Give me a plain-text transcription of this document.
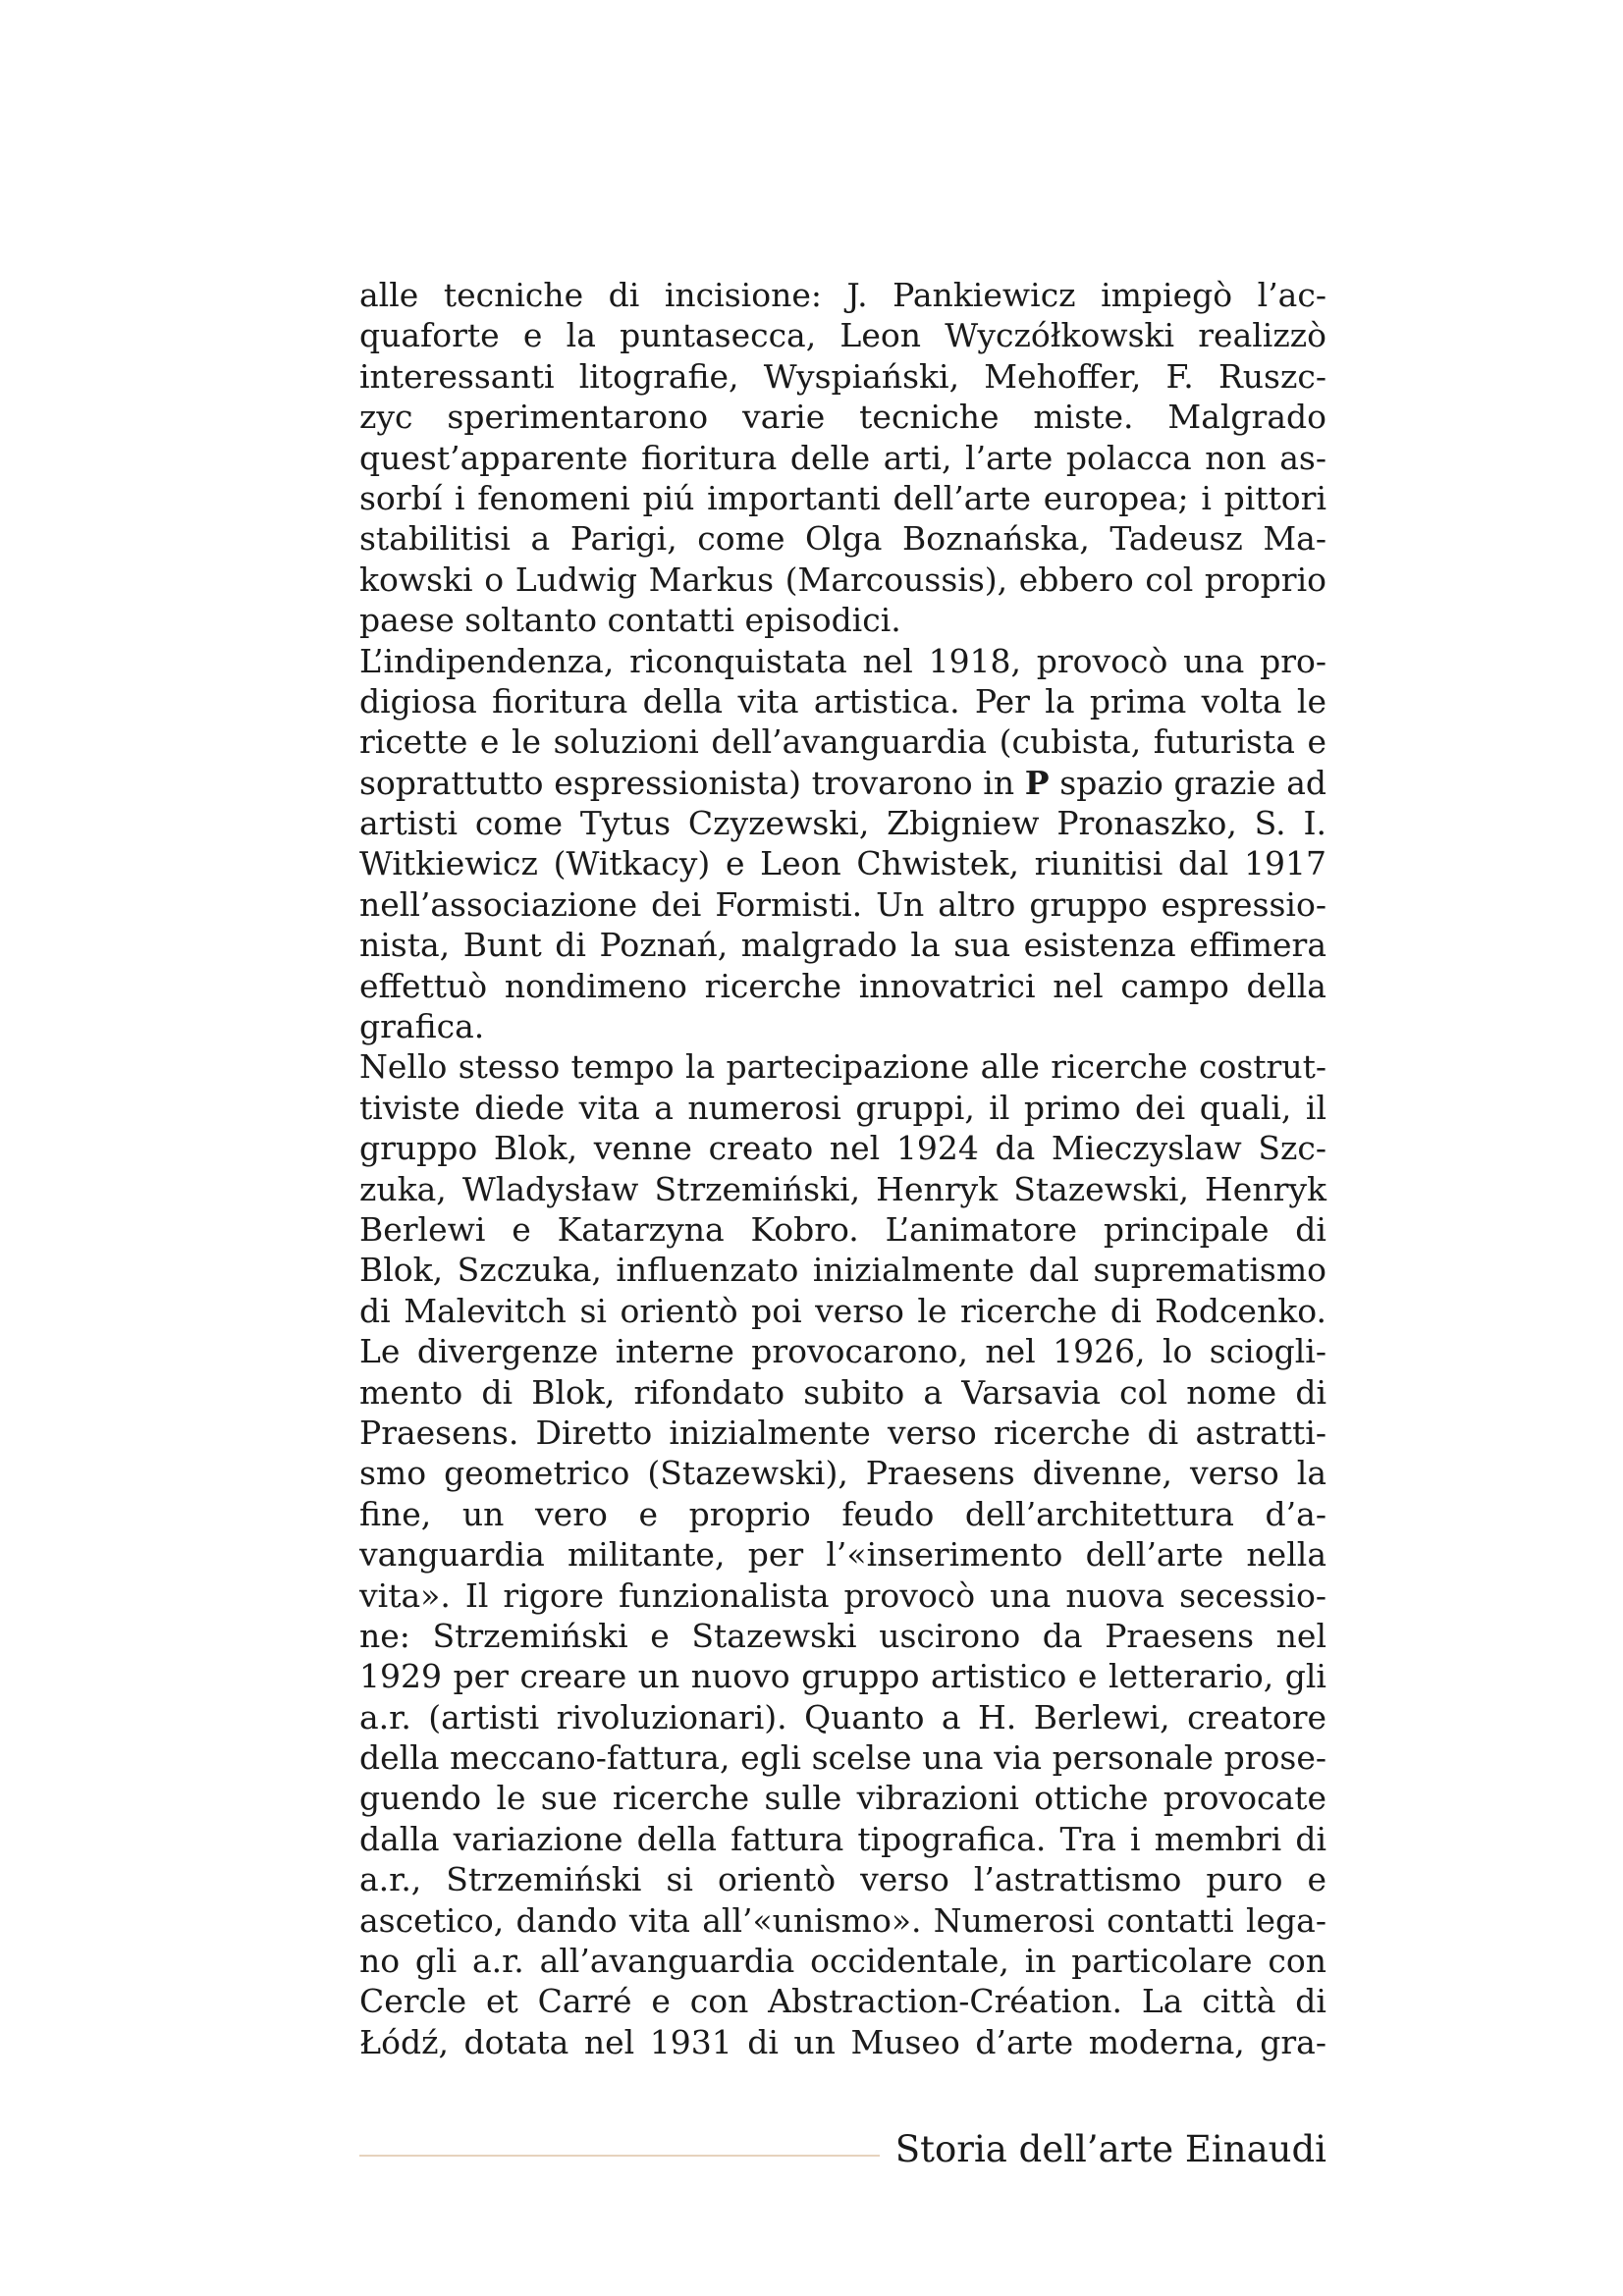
alle tecniche di incisione: J. Pankiewicz impiegò l’ac-
quaforte e la puntasecca, Leon Wyczółkowski realizzò
interessanti litografie, Wyspiański, Mehoffer, F. Ruszc-
zyc sperimentarono varie tecniche miste. Malgrado
quest’apparente fioritura delle arti, l’arte polacca non as-
sorbí i fenomeni piú importanti dell’arte europea; i pittori
stabilitisi a Parigi, come Olga Boznańska, Tadeusz Ma-
kowski o Ludwig Markus (Marcoussis), ebbero col proprio
paese soltanto contatti episodici.
L’indipendenza, riconquistata nel 1918, provocò una pro-
digiosa fioritura della vita artistica. Per la prima volta le
ricette e le soluzioni dell’avanguardia (cubista, futurista e
soprattutto espressionista) trovarono in P spazio grazie ad
artisti come Tytus Czyzewski, Zbigniew Pronaszko, S. I.
Witkiewicz (Witkacy) e Leon Chwistek, riunitisi dal 1917
nell’associazione dei Formisti. Un altro gruppo espressio-
nista, Bunt di Poznań, malgrado la sua esistenza effimera
effettuò nondimeno ricerche innovatrici nel campo della
grafica.
Nello stesso tempo la partecipazione alle ricerche costrut-
tiviste diede vita a numerosi gruppi, il primo dei quali, il
gruppo Blok, venne creato nel 1924 da Mieczyslaw Szc-
zuka, Wladysław Strzemiński, Henryk Stazewski, Henryk
Berlewi e Katarzyna Kobro. L’animatore principale di
Blok, Szczuka, influenzato inizialmente dal suprematismo
di Malevitch si orientò poi verso le ricerche di Rodcenko.
Le divergenze interne provocarono, nel 1926, lo sciogli-
mento di Blok, rifondato subito a Varsavia col nome di
Praesens. Diretto inizialmente verso ricerche di astratti-
smo geometrico (Stazewski), Praesens divenne, verso la
fine, un vero e proprio feudo dell’architettura d’a-
vanguardia militante, per l’«inserimento dell’arte nella
vita». Il rigore funzionalista provocò una nuova secessio-
ne: Strzemiński e Stazewski uscirono da Praesens nel
1929 per creare un nuovo gruppo artistico e letterario, gli
a.r. (artisti rivoluzionari). Quanto a H. Berlewi, creatore
della meccano-fattura, egli scelse una via personale prose-
guendo le sue ricerche sulle vibrazioni ottiche provocate
dalla variazione della fattura tipografica. Tra i membri di
a.r., Strzemiński si orientò verso l’astrattismo puro e
ascetico, dando vita all’«unismo». Numerosi contatti lega-
no gli a.r. all’avanguardia occidentale, in particolare con
Cercle et Carré e con Abstraction-Création. La città di
Łódź, dotata nel 1931 di un Museo d’arte moderna, gra-
Storia dell’arte Einaudi
